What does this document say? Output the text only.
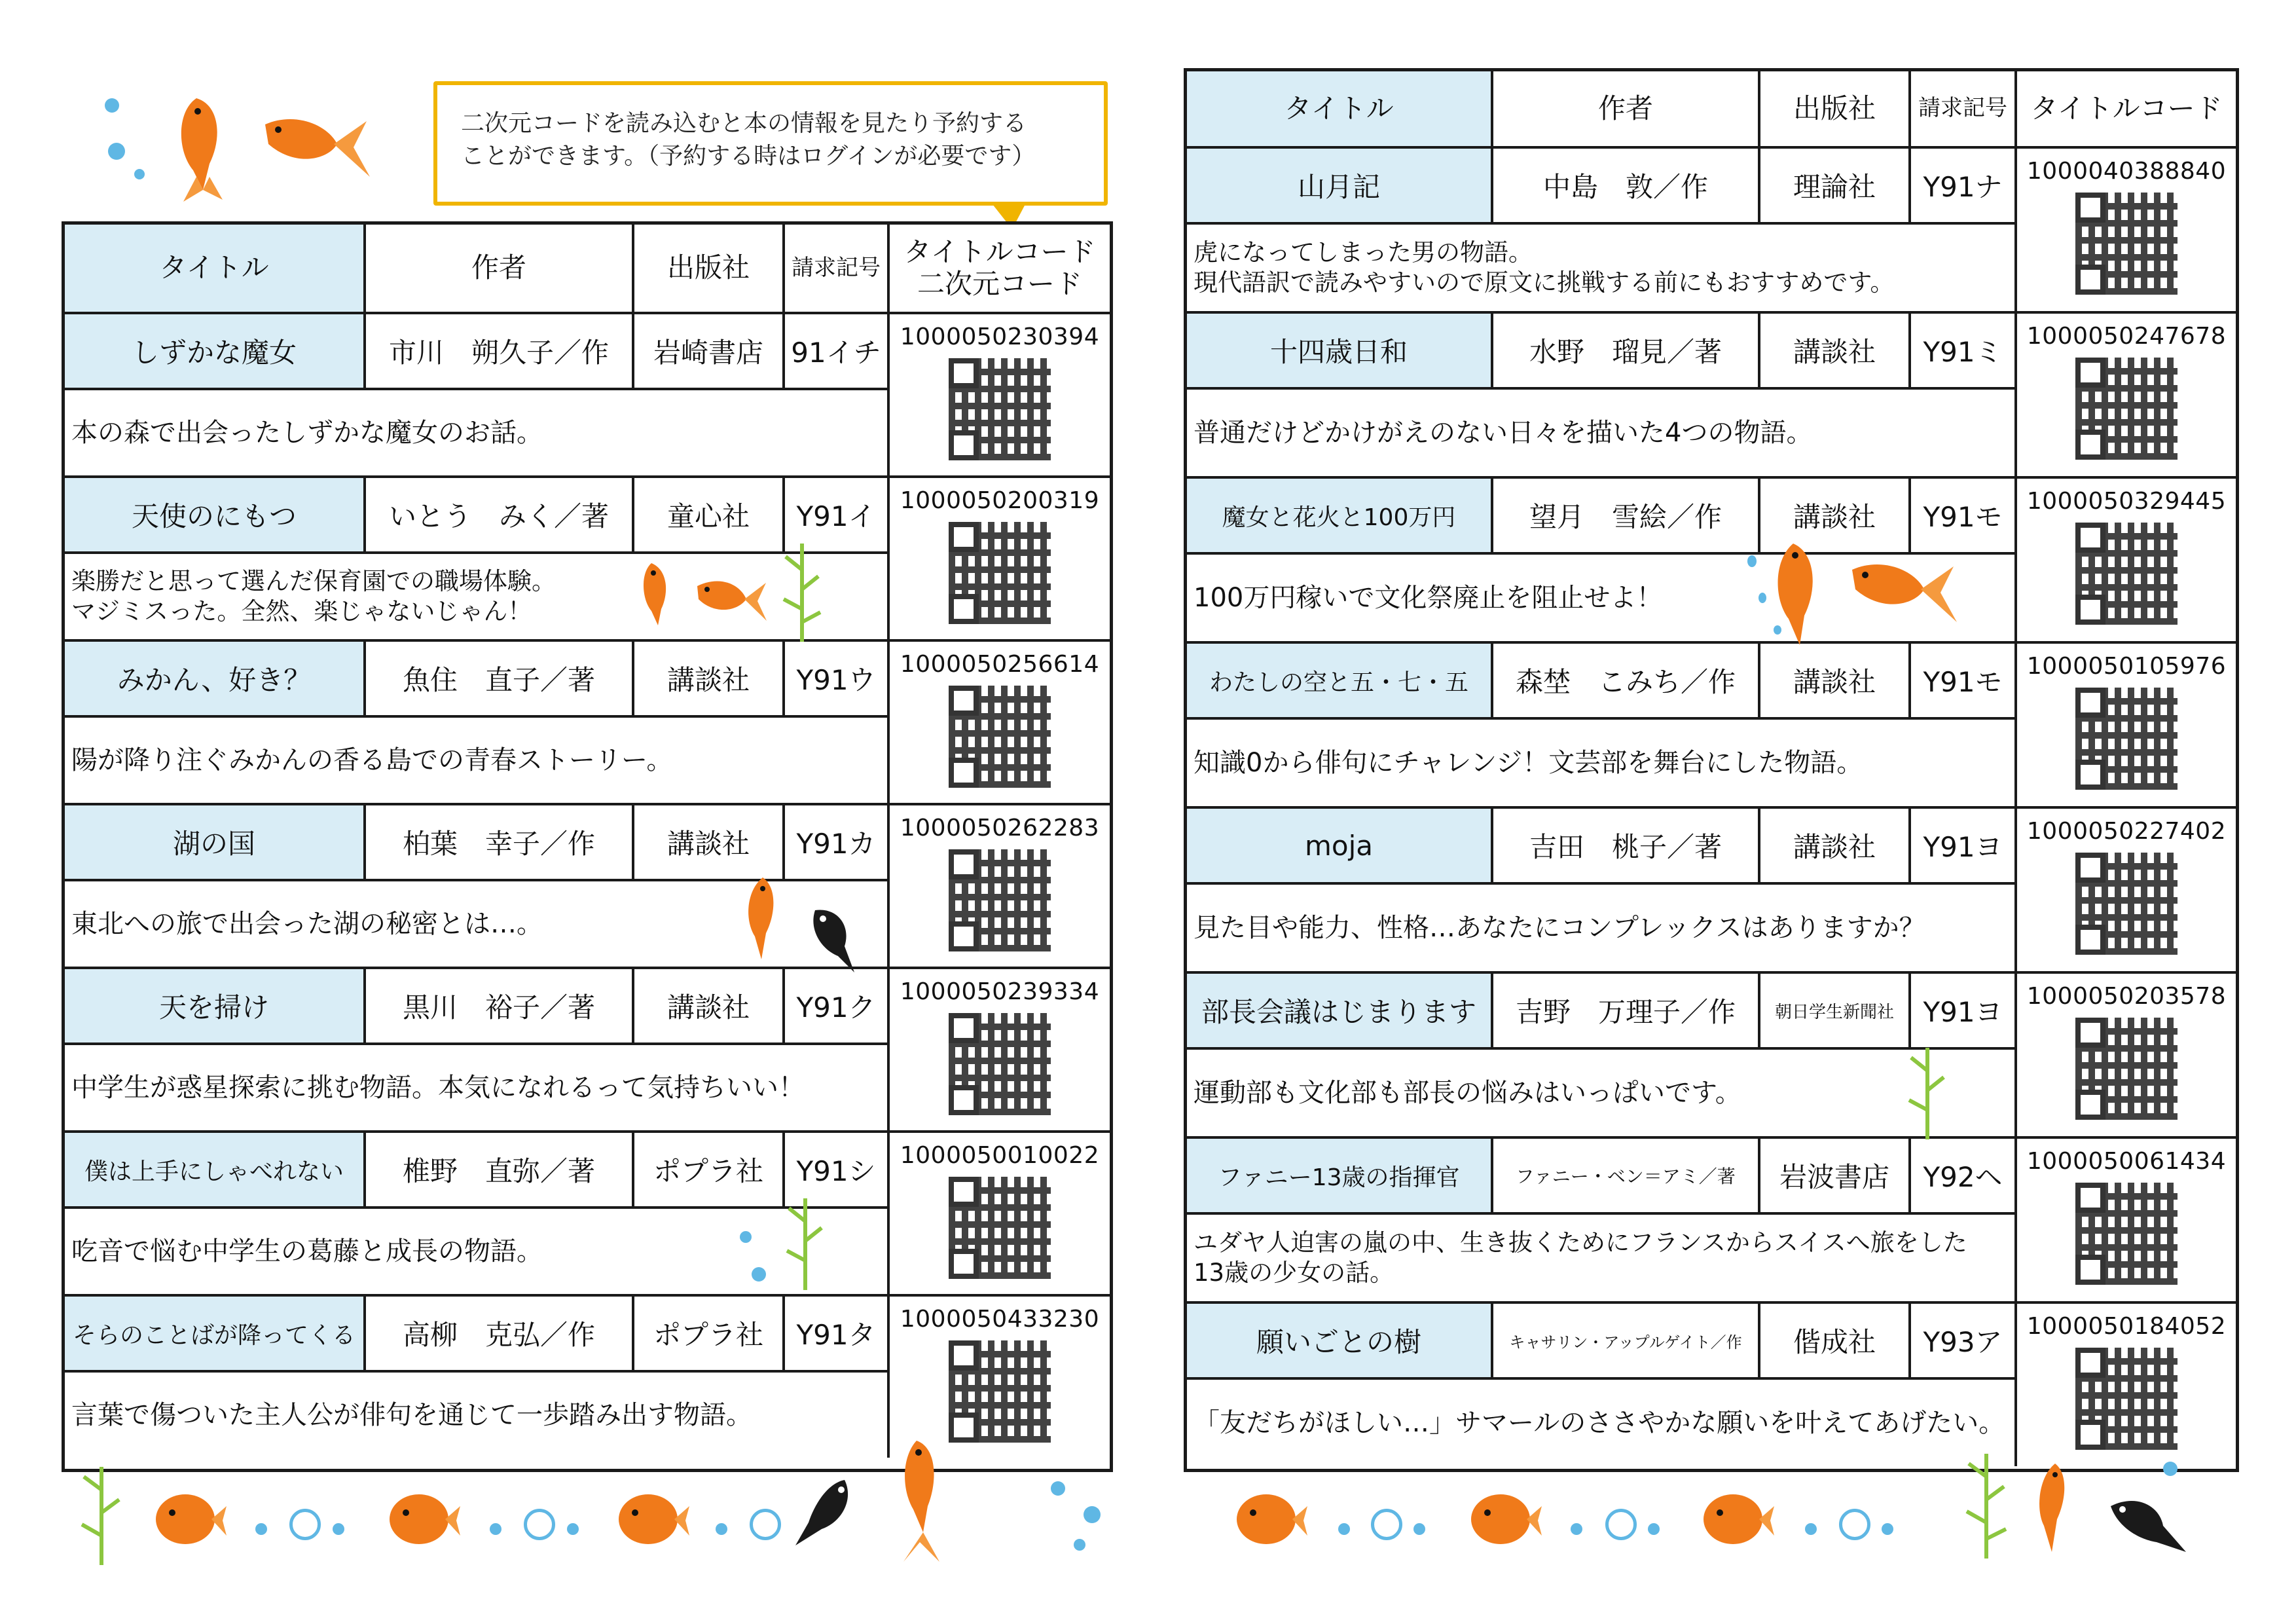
二次元コードを読み込むと本の情報を見たり予約する
ことができます。（予約する時はログインが必要です）
タイトル	作者	出版社	請求記号 タイトルコード
二次元コード
しずかな魔女	市川　朔久子／作	岩崎書店	91イチ 1000050230394
本の森で出会ったしずかな魔女のお話。
天使のにもつ	いとう　みく／著	童心社	Y91イ	1000050200319
楽勝だと思って選んだ保育園での職場体験。
マジミスった。全然、楽じゃないじゃん！
みかん、好き？	魚住　直子／著	講談社	Y91ウ	1000050256614
陽が降り注ぐみかんの香る島での青春ストーリー。
湖の国	柏葉　幸子／作	講談社	Y91カ	1000050262283
東北への旅で出会った湖の秘密とは…。
天を掃け	黒川　裕子／著	講談社	Y91ク	1000050239334
中学生が惑星探索に挑む物語。本気になれるって気持ちいい！
僕は上手にしゃべれない	椎野　直弥／著	ポプラ社	Y91シ	1000050010022
吃音で悩む中学生の葛藤と成長の物語。
そらのことばが降ってくる	高柳　克弘／作	ポプラ社	Y91タ	1000050433230
言葉で傷ついた主人公が俳句を通じて一歩踏み出す物語。
タイトル	作者	出版社	請求記号 タイトルコード
山月記	中島　敦／作	理論社	Y91ナ	1000040388840
虎になってしまった男の物語。
現代語訳で読みやすいので原文に挑戦する前にもおすすめです。
十四歳日和	水野　瑠見／著	講談社	Y91ミ	1000050247678
普通だけどかけがえのない日々を描いた4つの物語。
魔女と花火と100万円	望月　雪絵／作	講談社	Y91モ	1000050329445
100万円稼いで文化祭廃止を阻止せよ！
わたしの空と五・七・五	森埜　こみち／作	講談社	Y91モ	1000050105976
知識0から俳句にチャレンジ！文芸部を舞台にした物語。
moja	吉田　桃子／著	講談社	Y91ヨ	1000050227402
見た目や能力、性格…あなたにコンプレックスはありますか？
部長会議はじまります	吉野　万理子／作	朝日学生新聞社	Y91ヨ	1000050203578
運動部も文化部も部長の悩みはいっぱいです。
ファニー13歳の指揮官	ファニー・ベン＝アミ／著	岩波書店	Y92ヘ	1000050061434
ユダヤ人迫害の嵐の中、生き抜くためにフランスからスイスへ旅をした
13歳の少女の話。
願いごとの樹	キャサリン・アップルゲイト／作	偕成社	Y93ア	1000050184052
「友だちがほしい…」サマールのささやかな願いを叶えてあげたい。
